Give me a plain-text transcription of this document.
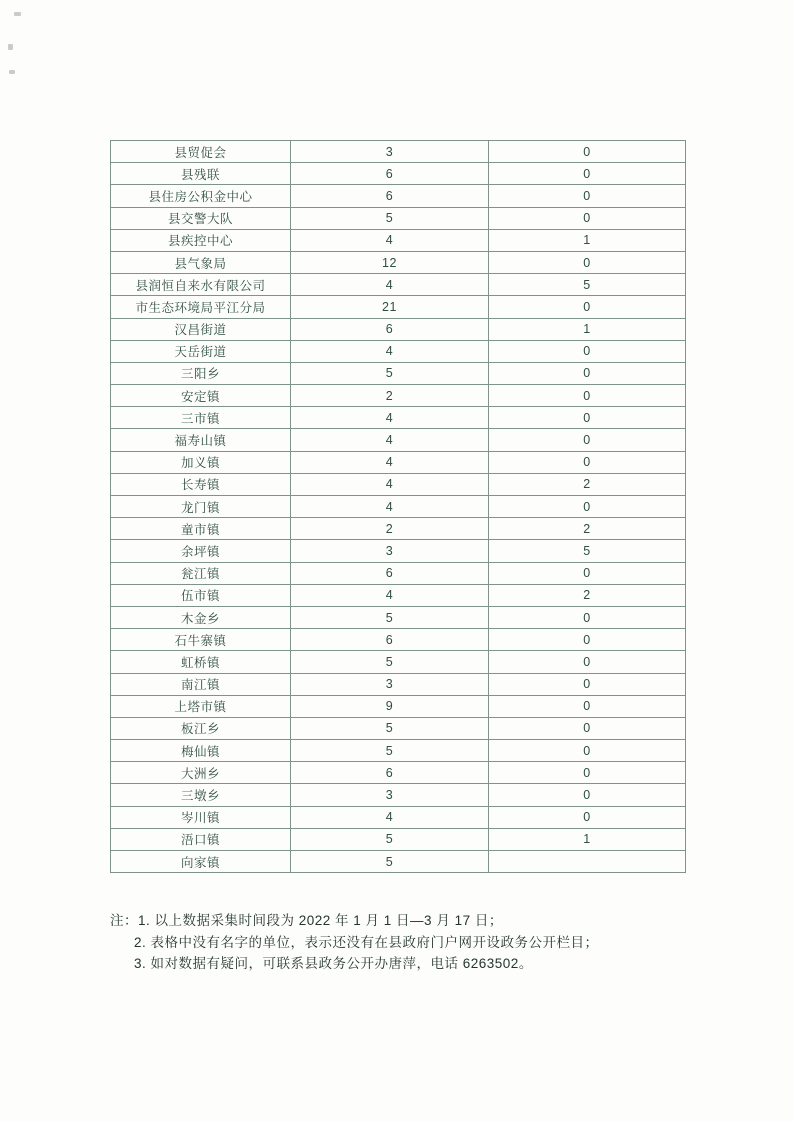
县贸促会	3	0
县残联	6	0
县住房公积金中心	6	0
县交警大队	5	0
县疾控中心	4	1
县气象局	12	0
县润恒自来水有限公司	4	5
市生态环境局平江分局	21	0
汉昌街道	6	1
天岳街道	4	0
三阳乡	5	0
安定镇	2	0
三市镇	4	0
福寿山镇	4	0
加义镇	4	0
长寿镇	4	2
龙门镇	4	0
童市镇	2	2
余坪镇	3	5
瓮江镇	6	0
伍市镇	4	2
木金乡	5	0
石牛寨镇	6	0
虹桥镇	5	0
南江镇	3	0
上塔市镇	9	0
板江乡	5	0
梅仙镇	5	0
大洲乡	6	0
三墩乡	3	0
岑川镇	4	0
浯口镇	5	1
向家镇	5	
注：1. 以上数据采集时间段为 2022 年 1 月 1 日—3 月 17 日；
2. 表格中没有名字的单位，表示还没有在县政府门户网开设政务公开栏目；
3. 如对数据有疑问，可联系县政务公开办唐萍，电话 6263502。
